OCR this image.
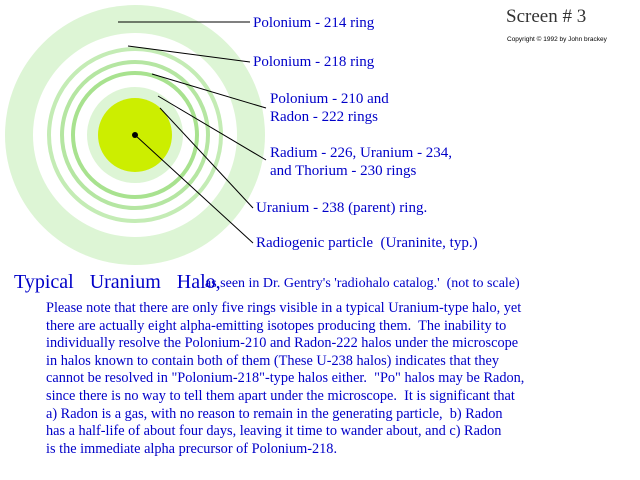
Screen # 3
Copyright © 1992 by John brackey
Polonium - 214 ring
Polonium - 218 ring
Polonium - 210 and
Radon - 222 rings
Radium - 226, Uranium - 234,
and Thorium - 230 rings
Uranium - 238 (parent) ring.
Radiogenic particle  (Uraninite, typ.)
Typical  Uranium  Halo,
as seen in Dr. Gentry's 'radiohalo catalog.'  (not to scale)
Please note that there are only five rings visible in a typical Uranium-type halo, yet
there are actually eight alpha-emitting isotopes producing them.  The inability to
individually resolve the Polonium-210 and Radon-222 halos under the microscope
in halos known to contain both of them (These U-238 halos) indicates that they
cannot be resolved in "Polonium-218"-type halos either.  "Po" halos may be Radon,
since there is no way to tell them apart under the microscope.  It is significant that
a) Radon is a gas, with no reason to remain in the generating particle,  b) Radon
has a half-life of about four days, leaving it time to wander about, and c) Radon
is the immediate alpha precursor of Polonium-218.
